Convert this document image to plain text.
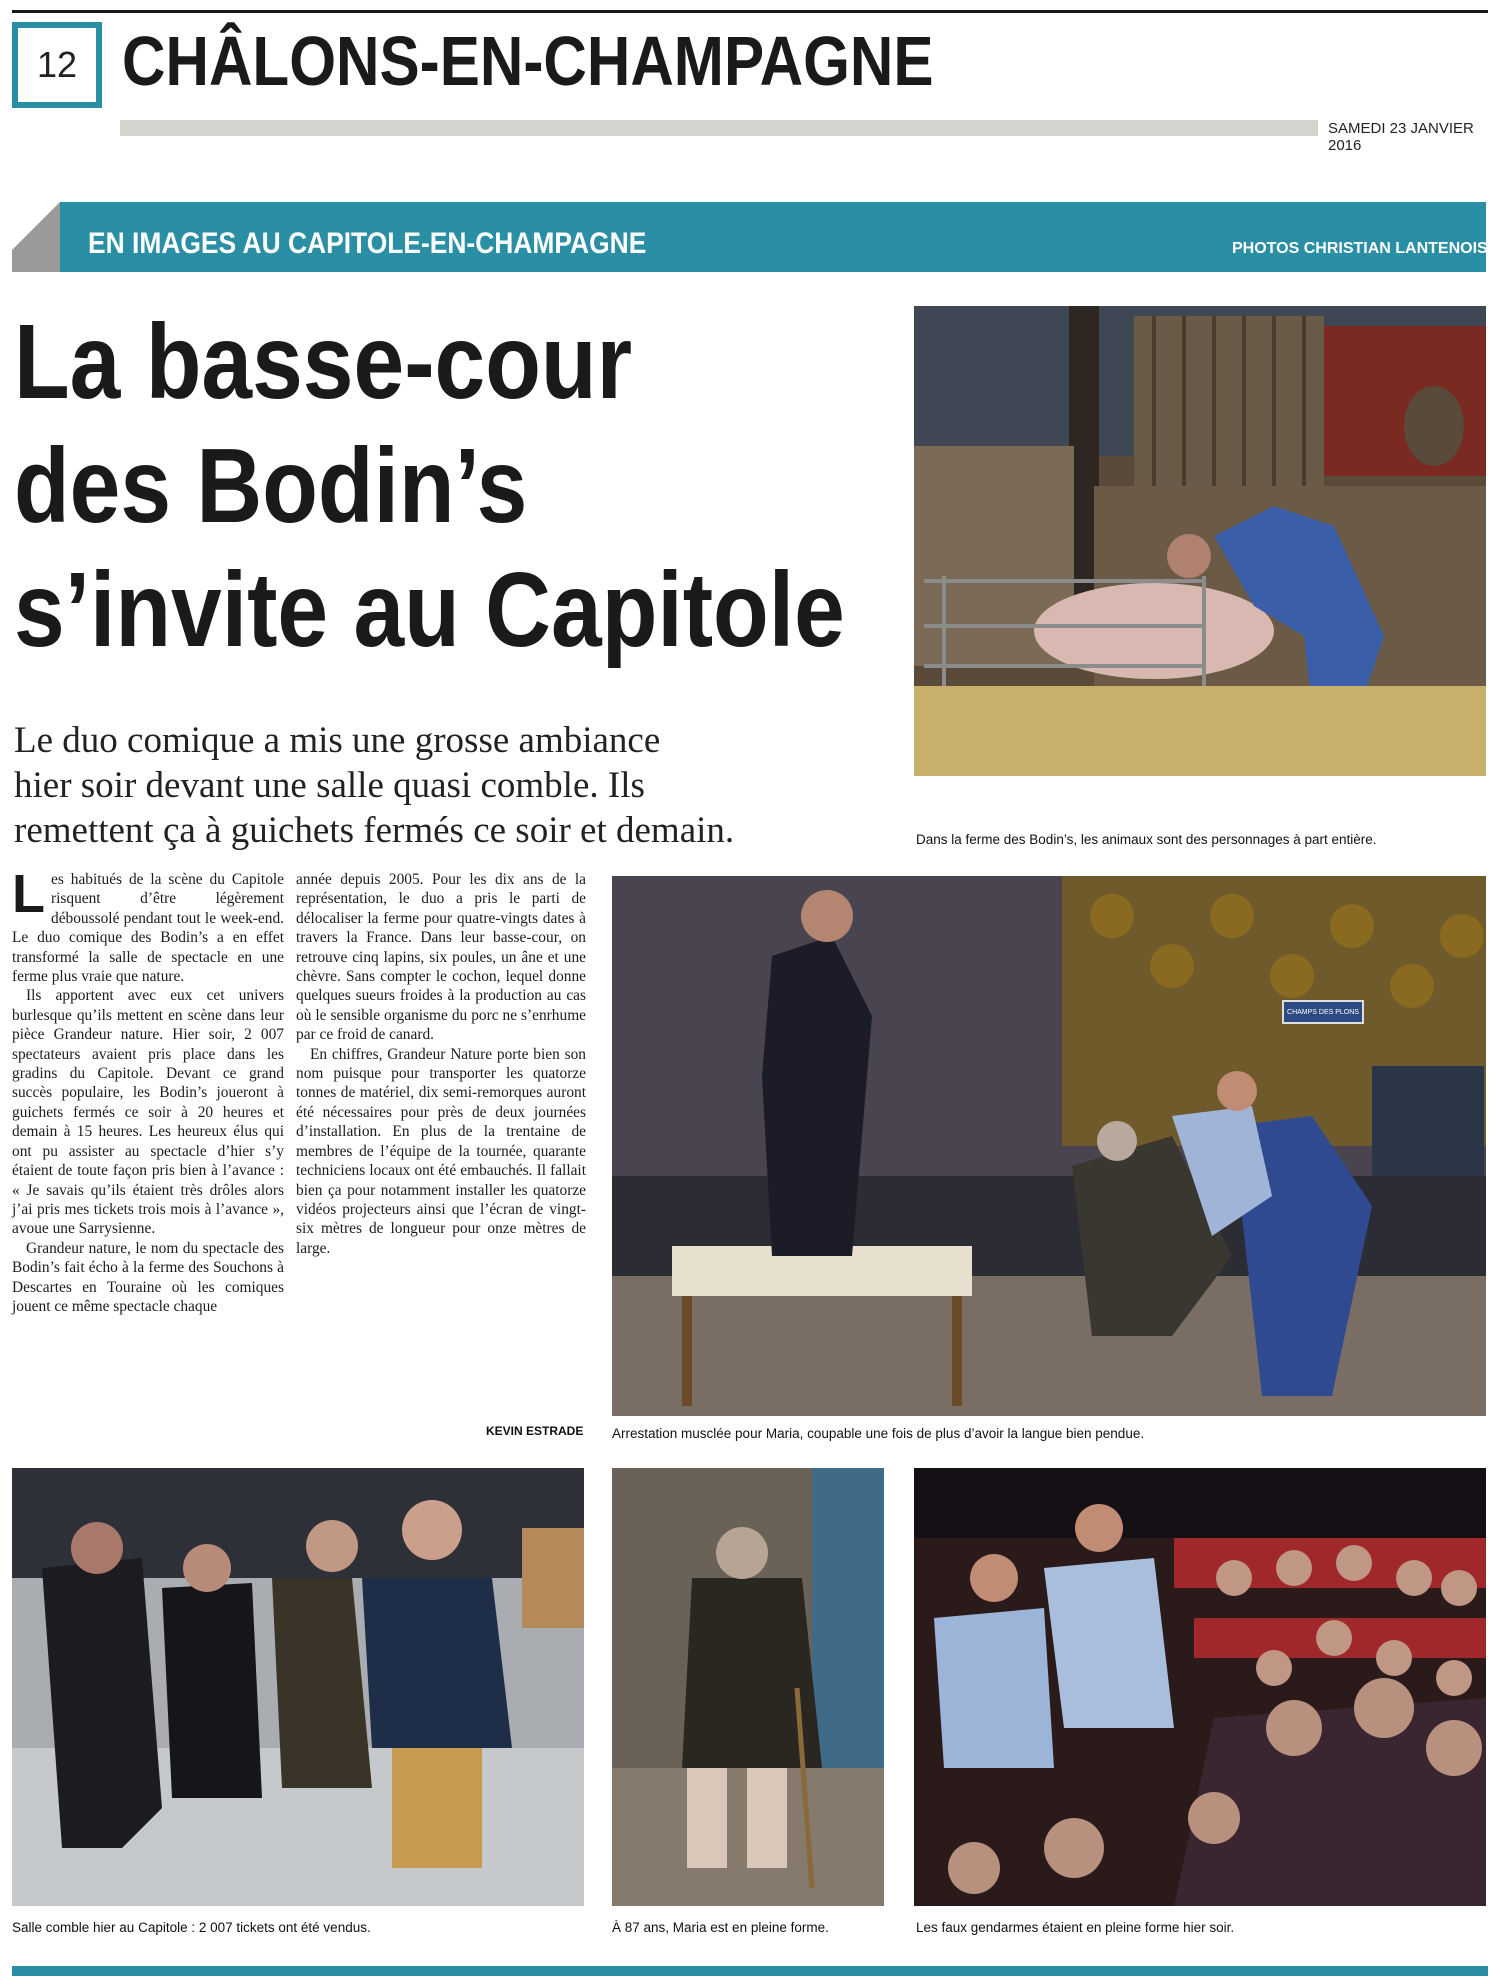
12 CHÂLONS-EN-CHAMPAGNE
SAMEDI 23 JANVIER 2016
EN IMAGES AU CAPITOLE-EN-CHAMPAGNE	PHOTOS CHRISTIAN LANTENOIS
La basse-cour
des Bodin’s
s’invite au Capitole
Le duo comique a mis une grosse ambiance
hier soir devant une salle quasi comble. Ils
remettent ça à guichets fermés ce soir et demain.	Dans la ferme des Bodin’s, les animaux sont des personnages à part entière.

Les habitués de la scène du Capitole risquent d’être légèrement déboussolé pendant tout le week-end. Le duo comique des Bodin’s a en effet transformé la salle de spectacle en une ferme plus vraie que nature.

Ils apportent avec eux cet univers burlesque qu’ils mettent en scène dans leur pièce Grandeur nature. Hier soir, 2 007 spectateurs avaient pris place dans les gradins du Capitole. Devant ce grand succès populaire, les Bodin’s joueront à guichets fermés ce soir à 20 heures et demain à 15 heures. Les heureux élus qui ont pu assister au spectacle d’hier s’y étaient de toute façon pris bien à l’avance : « Je savais qu’ils étaient très drôles alors j’ai pris mes tickets trois mois à l’avance », avoue une Sarrysienne.

Grandeur nature, le nom du spectacle des Bodin’s fait écho à la ferme des Souchons à Descartes en Touraine où les comiques jouent ce même spectacle chaque

année depuis 2005. Pour les dix ans de la représentation, le duo a pris le parti de délocaliser la ferme pour quatre-vingts dates à travers la France. Dans leur basse-cour, on retrouve cinq lapins, six poules, un âne et une chèvre. Sans compter le cochon, lequel donne quelques sueurs froides à la production au cas où le sensible organisme du porc ne s’enrhume par ce froid de canard.

En chiffres, Grandeur Nature porte bien son nom puisque pour transporter les quatorze tonnes de matériel, dix semi-remorques auront été nécessaires pour près de deux journées d’installation. En plus de la trentaine de membres de l’équipe de la tournée, quarante techniciens locaux ont été embauchés. Il fallait bien ça pour notamment installer les quatorze vidéos projecteurs ainsi que l’écran de vingt-six mètres de longueur pour onze mètres de large.

KEVIN ESTRADE
CHAMPS DES PLONS
Arrestation musclée pour Maria, coupable une fois de plus d’avoir la langue bien pendue.
Salle comble hier au Capitole : 2 007 tickets ont été vendus.	À 87 ans, Maria est en pleine forme.	Les faux gendarmes étaient en pleine forme hier soir.
